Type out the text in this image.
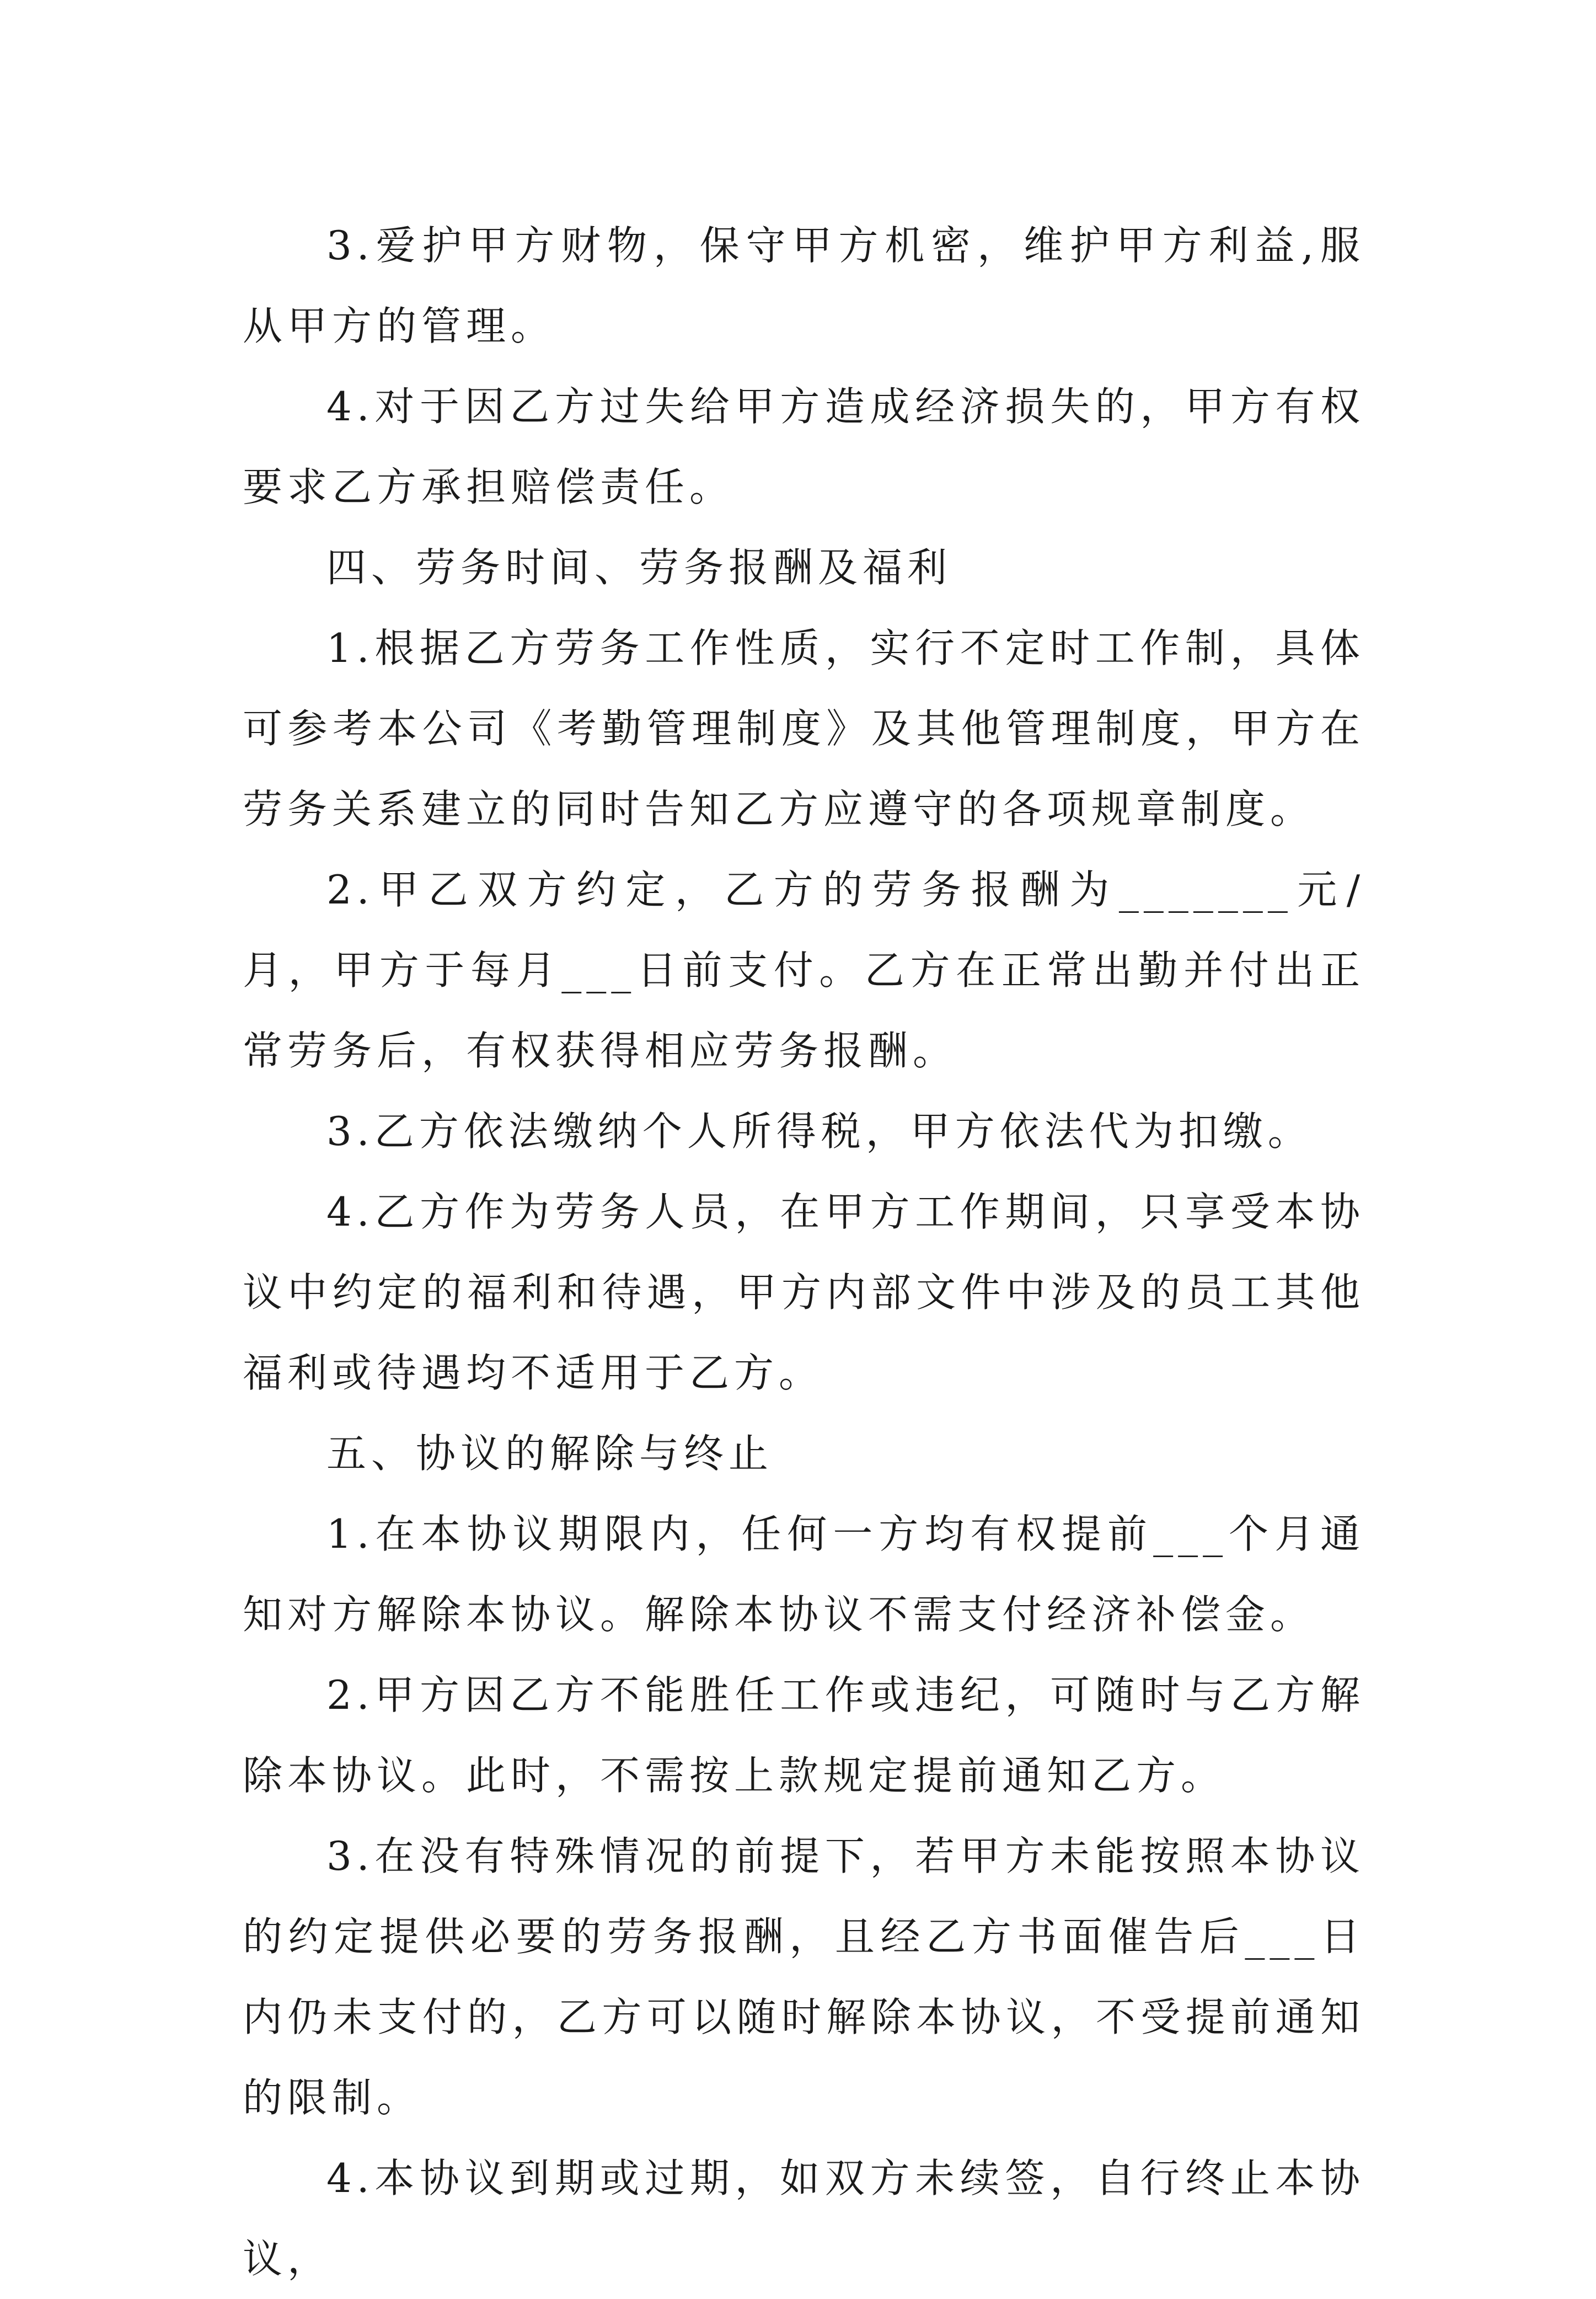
3.爱护甲方财物，保守甲方机密，维护甲方利益,服从甲方的管理。

4.对于因乙方过失给甲方造成经济损失的，甲方有权要求乙方承担赔偿责任。

四、劳务时间、劳务报酬及福利

1.根据乙方劳务工作性质，实行不定时工作制，具体可参考本公司《考勤管理制度》及其他管理制度，甲方在劳务关系建立的同时告知乙方应遵守的各项规章制度。

2.甲乙双方约定，乙方的劳务报酬为_______元/月，甲方于每月___日前支付。乙方在正常出勤并付出正常劳务后，有权获得相应劳务报酬。

3.乙方依法缴纳个人所得税，甲方依法代为扣缴。

4.乙方作为劳务人员，在甲方工作期间，只享受本协议中约定的福利和待遇，甲方内部文件中涉及的员工其他福利或待遇均不适用于乙方。

五、协议的解除与终止

1.在本协议期限内，任何一方均有权提前___个月通知对方解除本协议。解除本协议不需支付经济补偿金。

2.甲方因乙方不能胜任工作或违纪，可随时与乙方解除本协议。此时，不需按上款规定提前通知乙方。

3.在没有特殊情况的前提下，若甲方未能按照本协议的约定提供必要的劳务报酬，且经乙方书面催告后___日内仍未支付的，乙方可以随时解除本协议，不受提前通知的限制。

4.本协议到期或过期，如双方未续签，自行终止本协议，
